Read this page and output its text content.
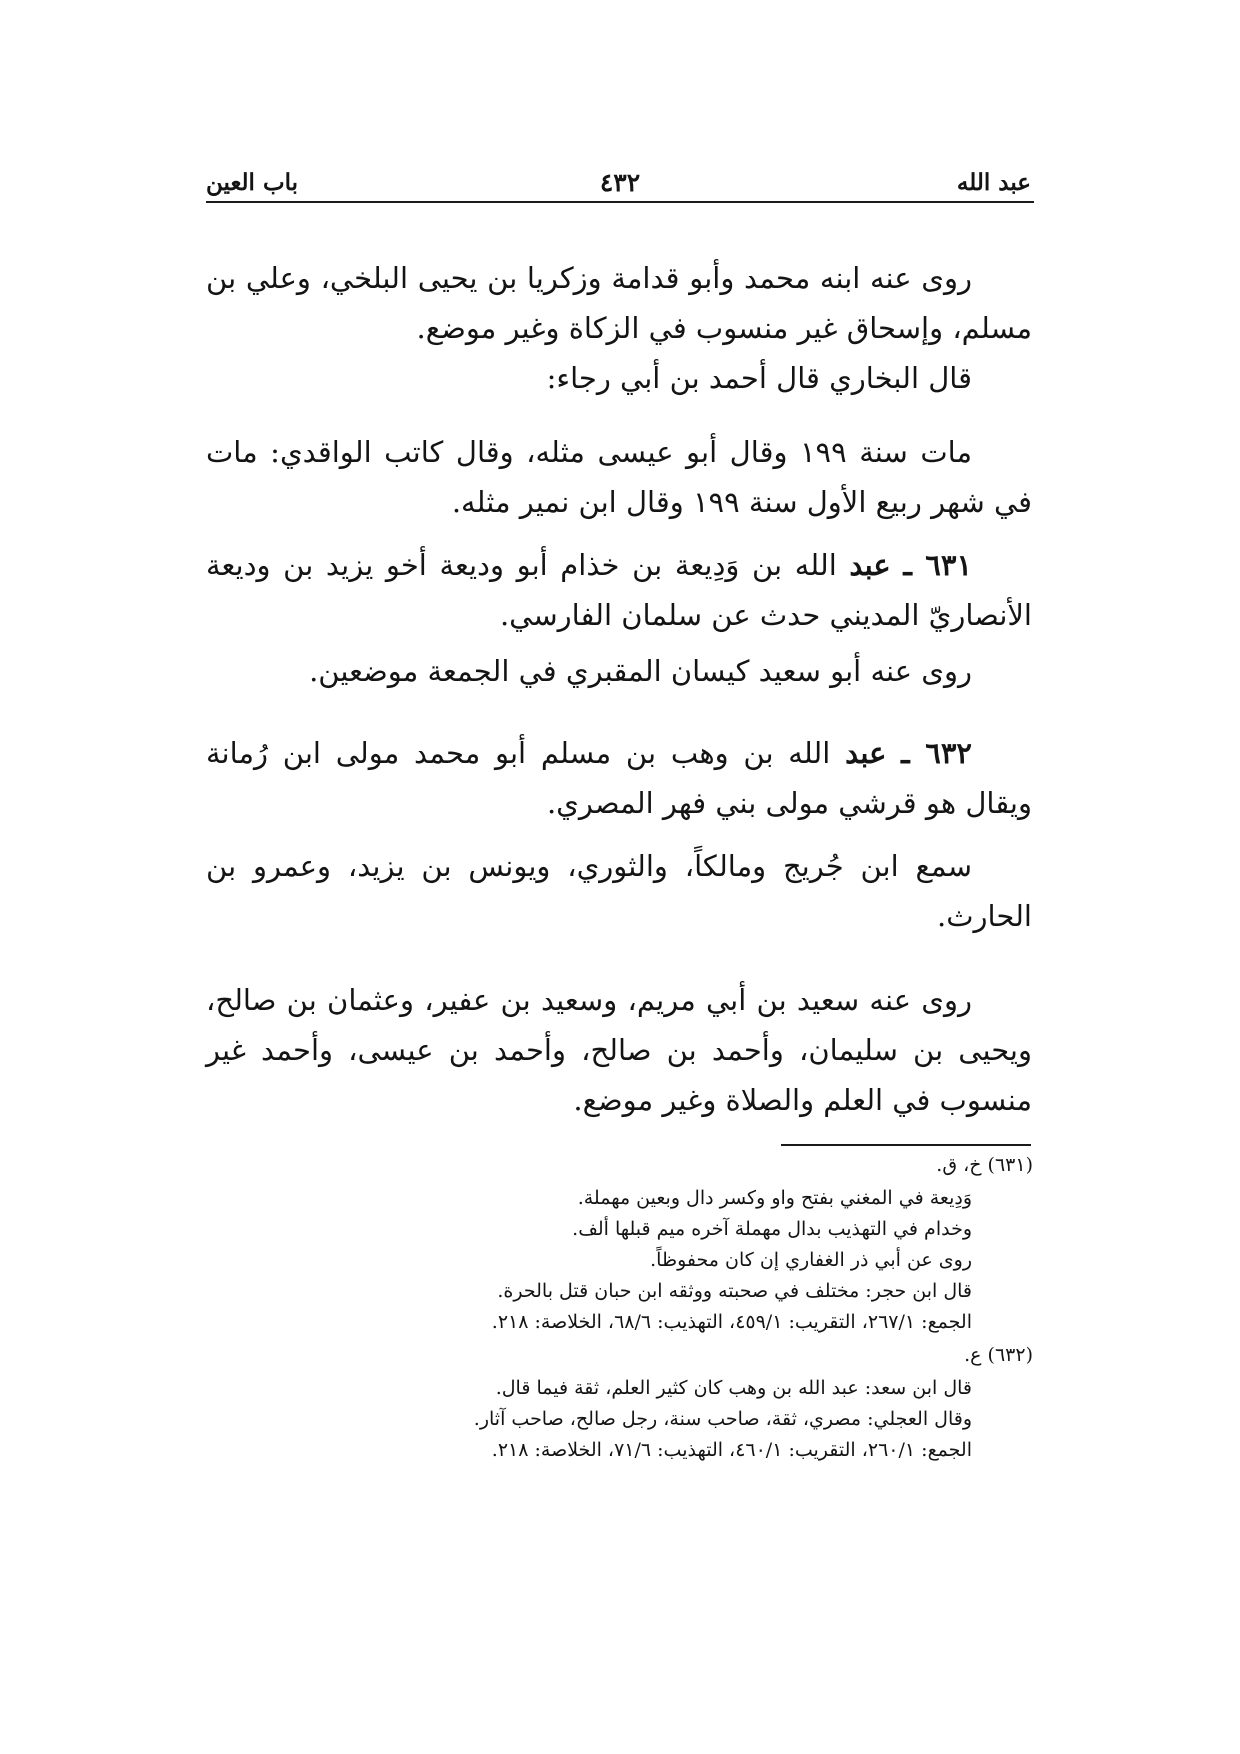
عبد الله
٤٣٢
باب العين

روى عنه ابنه محمد وأبو قدامة وزكريا بن يحيى البلخي، وعلي بن مسلم، وإسحاق غير منسوب في الزكاة وغير موضع.

قال البخاري قال أحمد بن أبي رجاء:

مات سنة ١٩٩ وقال أبو عيسى مثله، وقال كاتب الواقدي: مات في شهر ربيع الأول سنة ١٩٩ وقال ابن نمير مثله.

٦٣١ ـ عبد الله بن وَدِيعة بن خذام أبو وديعة أخو يزيد بن وديعة الأنصاريّ المديني حدث عن سلمان الفارسي.

روى عنه أبو سعيد كيسان المقبري في الجمعة موضعين.

٦٣٢ ـ عبد الله بن وهب بن مسلم أبو محمد مولى ابن رُمانة ويقال هو قرشي مولى بني فهر المصري.

سمع ابن جُريج ومالكاً، والثوري، ويونس بن يزيد، وعمرو بن الحارث.

روى عنه سعيد بن أبي مريم، وسعيد بن عفير، وعثمان بن صالح، ويحيى بن سليمان، وأحمد بن صالح، وأحمد بن عيسى، وأحمد غير منسوب في العلم والصلاة وغير موضع.

(٦٣١) خ، ق.
وَدِيعة في المغني بفتح واو وكسر دال وبعين مهملة.
وخدام في التهذيب بدال مهملة آخره ميم قبلها ألف.
روى عن أبي ذر الغفاري إن كان محفوظاً.
قال ابن حجر: مختلف في صحبته ووثقه ابن حبان قتل بالحرة.
الجمع: ٢٦٧/١، التقريب: ٤٥٩/١، التهذيب: ٦٨/٦، الخلاصة: ٢١٨.
(٦٣٢) ع.
قال ابن سعد: عبد الله بن وهب كان كثير العلم، ثقة فيما قال.
وقال العجلي: مصري، ثقة، صاحب سنة، رجل صالح، صاحب آثار.
الجمع: ٢٦٠/١، التقريب: ٤٦٠/١، التهذيب: ٧١/٦، الخلاصة: ٢١٨.
